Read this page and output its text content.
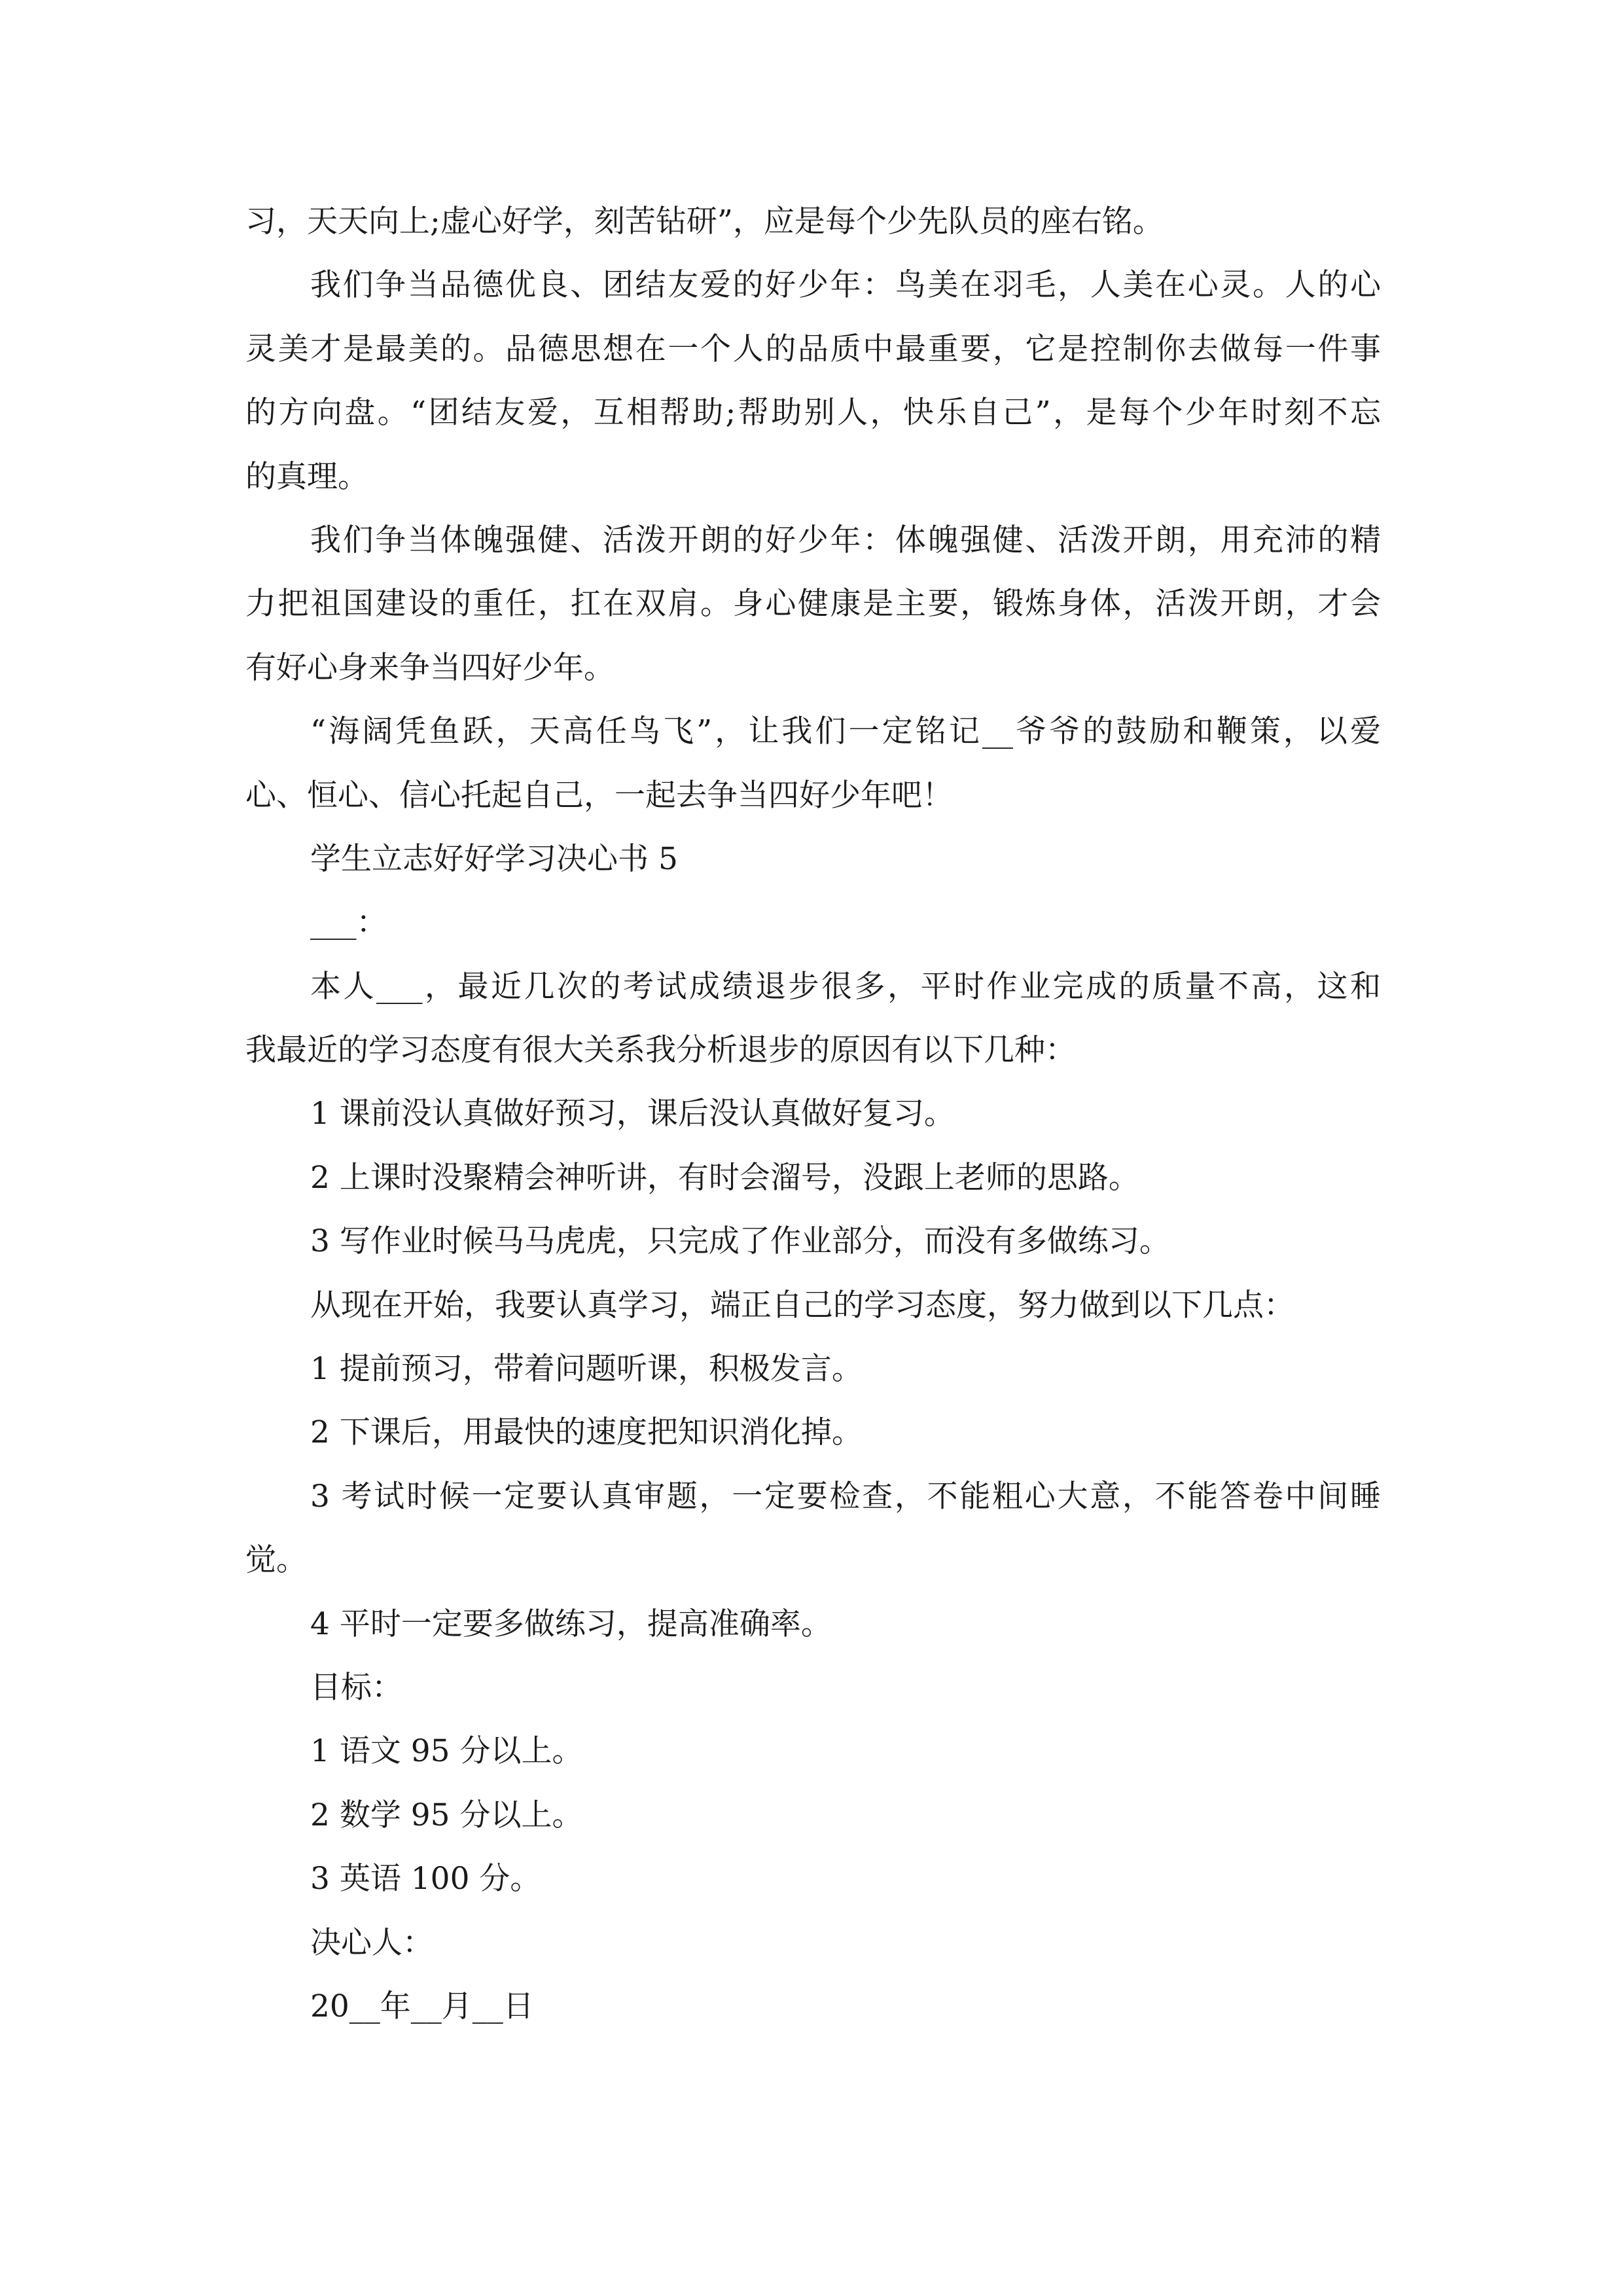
习，天天向上;虚心好学，刻苦钻研”，应是每个少先队员的座右铭。
我们争当品德优良、团结友爱的好少年：鸟美在羽毛，人美在心灵。人的心
灵美才是最美的。品德思想在一个人的品质中最重要，它是控制你去做每一件事
的方向盘。“团结友爱，互相帮助;帮助别人，快乐自己”，是每个少年时刻不忘
的真理。
我们争当体魄强健、活泼开朗的好少年：体魄强健、活泼开朗，用充沛的精
力把祖国建设的重任，扛在双肩。身心健康是主要，锻炼身体，活泼开朗，才会
有好心身来争当四好少年。
“海阔凭鱼跃，天高任鸟飞”，让我们一定铭记__爷爷的鼓励和鞭策，以爱
心、恒心、信心托起自己，一起去争当四好少年吧！
学生立志好好学习决心书 5
___：
本人___，最近几次的考试成绩退步很多，平时作业完成的质量不高，这和
我最近的学习态度有很大关系我分析退步的原因有以下几种：
1 课前没认真做好预习，课后没认真做好复习。
2 上课时没聚精会神听讲，有时会溜号，没跟上老师的思路。
3 写作业时候马马虎虎，只完成了作业部分，而没有多做练习。
从现在开始，我要认真学习，端正自己的学习态度，努力做到以下几点：
1 提前预习，带着问题听课，积极发言。
2 下课后，用最快的速度把知识消化掉。
3 考试时候一定要认真审题，一定要检查，不能粗心大意，不能答卷中间睡
觉。
4 平时一定要多做练习，提高准确率。
目标：
1 语文 95 分以上。
2 数学 95 分以上。
3 英语 100 分。
决心人：
20__年__月__日
